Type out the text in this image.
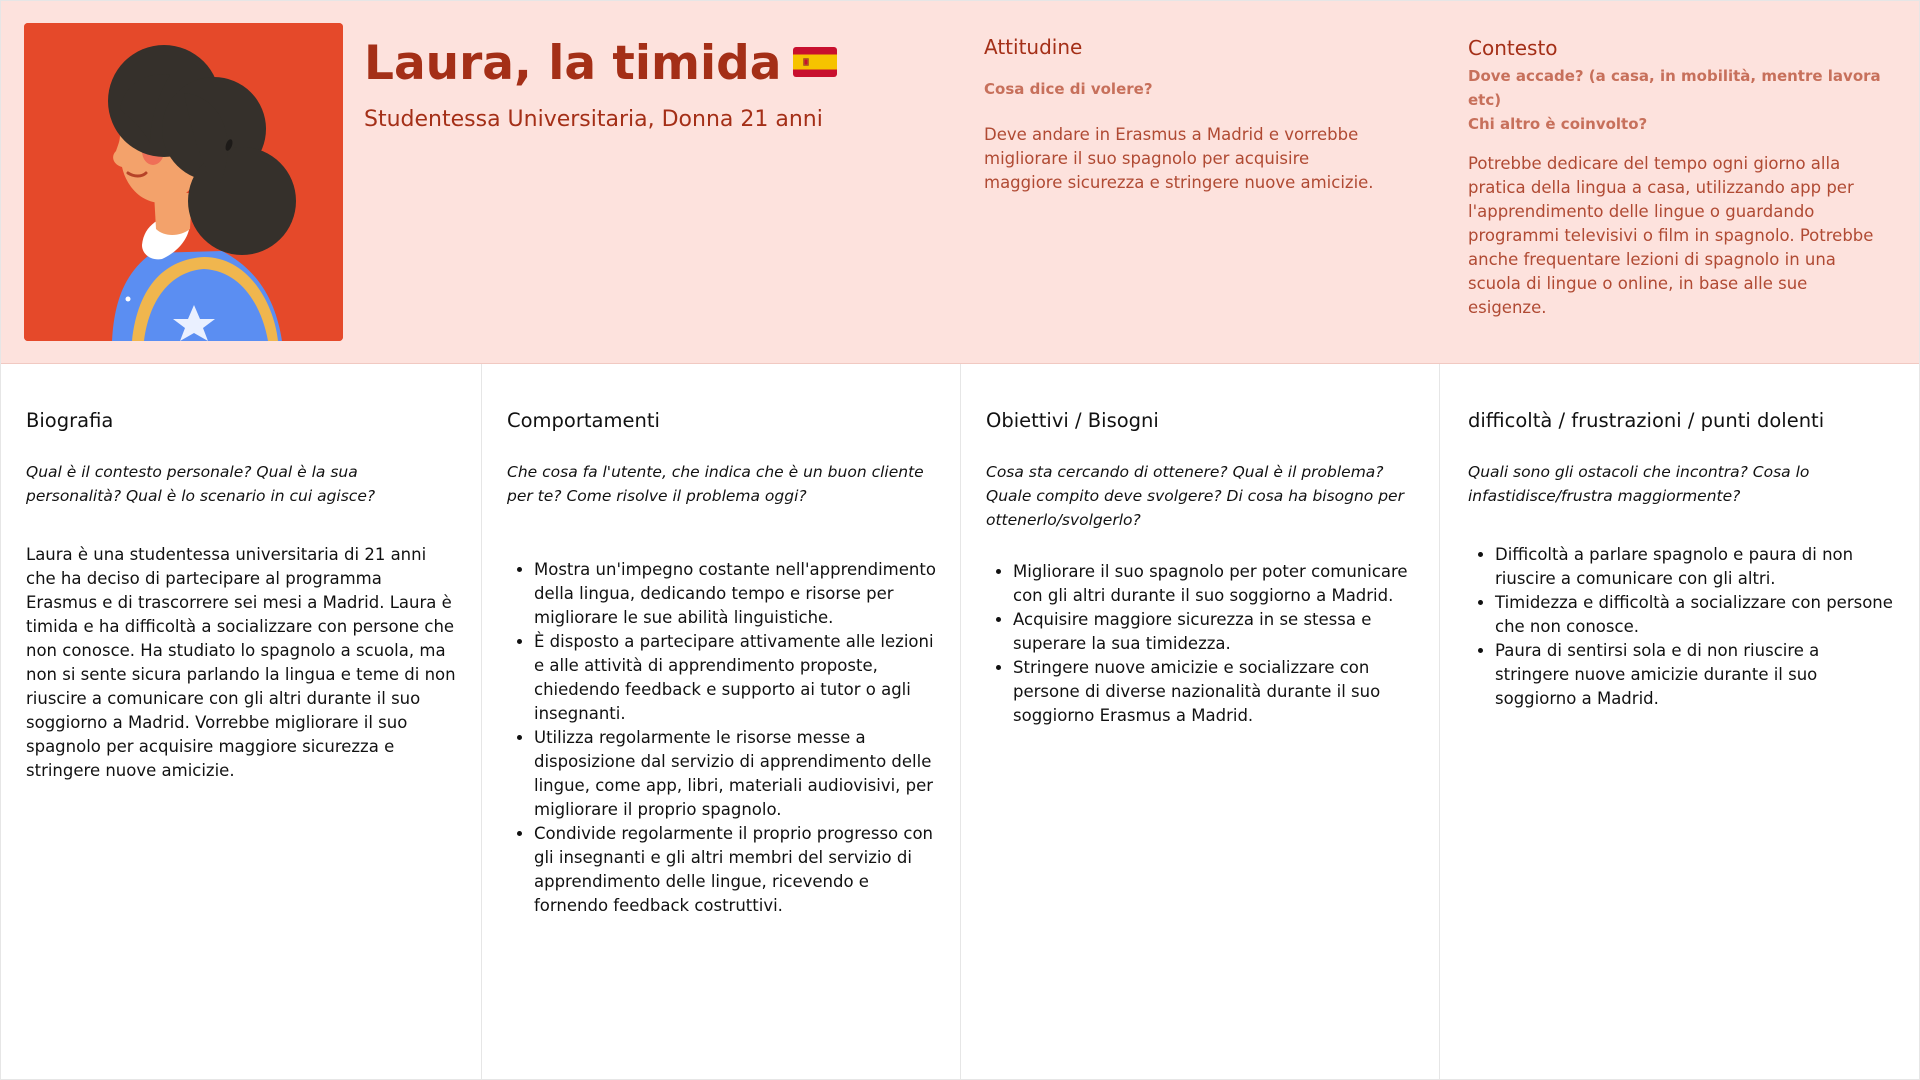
Laura, la timida
Studentessa Universitaria, Donna 21 anni
Attitudine
Cosa dice di volere?
Deve andare in Erasmus a Madrid e vorrebbe migliorare il suo spagnolo per acquisire maggiore sicurezza e stringere nuove amicizie.
Contesto
Dove accade? (a casa, in mobilità, mentre lavora etc)
Chi altro è coinvolto?
Potrebbe dedicare del tempo ogni giorno alla pratica della lingua a casa, utilizzando app per l'apprendimento delle lingue o guardando programmi televisivi o film in spagnolo. Potrebbe anche frequentare lezioni di spagnolo in una scuola di lingue o online, in base alle sue esigenze.
Biografia
Qual è il contesto personale? Qual è la sua personalità? Qual è lo scenario in cui agisce?
Laura è una studentessa universitaria di 21 anni che ha deciso di partecipare al programma Erasmus e di trascorrere sei mesi a Madrid. Laura è timida e ha difficoltà a socializzare con persone che non conosce. Ha studiato lo spagnolo a scuola, ma non si sente sicura parlando la lingua e teme di non riuscire a comunicare con gli altri durante il suo soggiorno a Madrid. Vorrebbe migliorare il suo spagnolo per acquisire maggiore sicurezza e stringere nuove amicizie.
Comportamenti
Che cosa fa l'utente, che indica che è un buon cliente per te? Come risolve il problema oggi?
• Mostra un'impegno costante nell'apprendimento della lingua, dedicando tempo e risorse per migliorare le sue abilità linguistiche.
• È disposto a partecipare attivamente alle lezioni e alle attività di apprendimento proposte, chiedendo feedback e supporto ai tutor o agli insegnanti.
• Utilizza regolarmente le risorse messe a disposizione dal servizio di apprendimento delle lingue, come app, libri, materiali audiovisivi, per migliorare il proprio spagnolo.
• Condivide regolarmente il proprio progresso con gli insegnanti e gli altri membri del servizio di apprendimento delle lingue, ricevendo e fornendo feedback costruttivi.
Obiettivi / Bisogni
Cosa sta cercando di ottenere? Qual è il problema? Quale compito deve svolgere? Di cosa ha bisogno per ottenerlo/svolgerlo?
• Migliorare il suo spagnolo per poter comunicare con gli altri durante il suo soggiorno a Madrid.
• Acquisire maggiore sicurezza in se stessa e superare la sua timidezza.
• Stringere nuove amicizie e socializzare con persone di diverse nazionalità durante il suo soggiorno Erasmus a Madrid.
difficoltà / frustrazioni / punti dolenti
Quali sono gli ostacoli che incontra? Cosa lo infastidisce/frustra maggiormente?
• Difficoltà a parlare spagnolo e paura di non riuscire a comunicare con gli altri.
• Timidezza e difficoltà a socializzare con persone che non conosce.
• Paura di sentirsi sola e di non riuscire a stringere nuove amicizie durante il suo soggiorno a Madrid.
